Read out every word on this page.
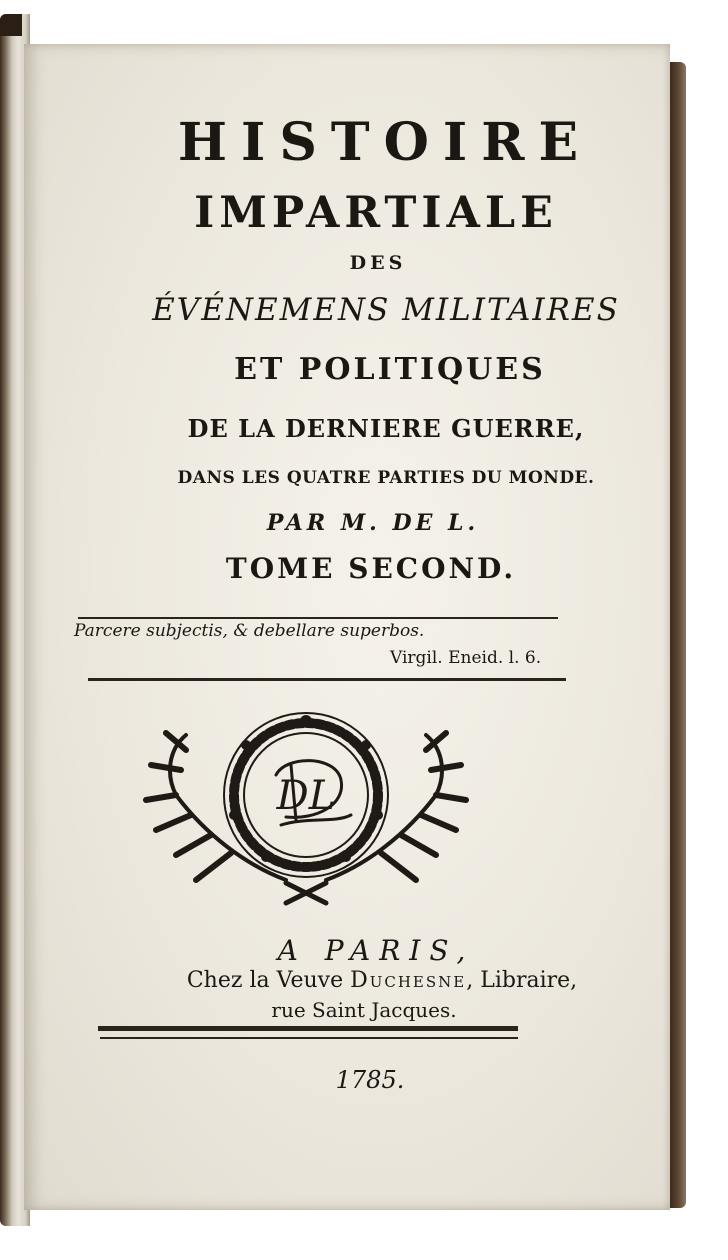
HISTOIRE
IMPARTIALE
DES
ÉVÉNEMENS MILITAIRES
ET POLITIQUES
DE LA DERNIERE GUERRE,
DANS LES QUATRE PARTIES DU MONDE.
PAR M. DE L.
TOME SECOND.
Parcere subjectis, & debellare superbos.
Virgil. Eneid. l. 6.
DL
A PARIS,
Chez la Veuve Duchesne, Libraire,
rue Saint Jacques.
1785.
